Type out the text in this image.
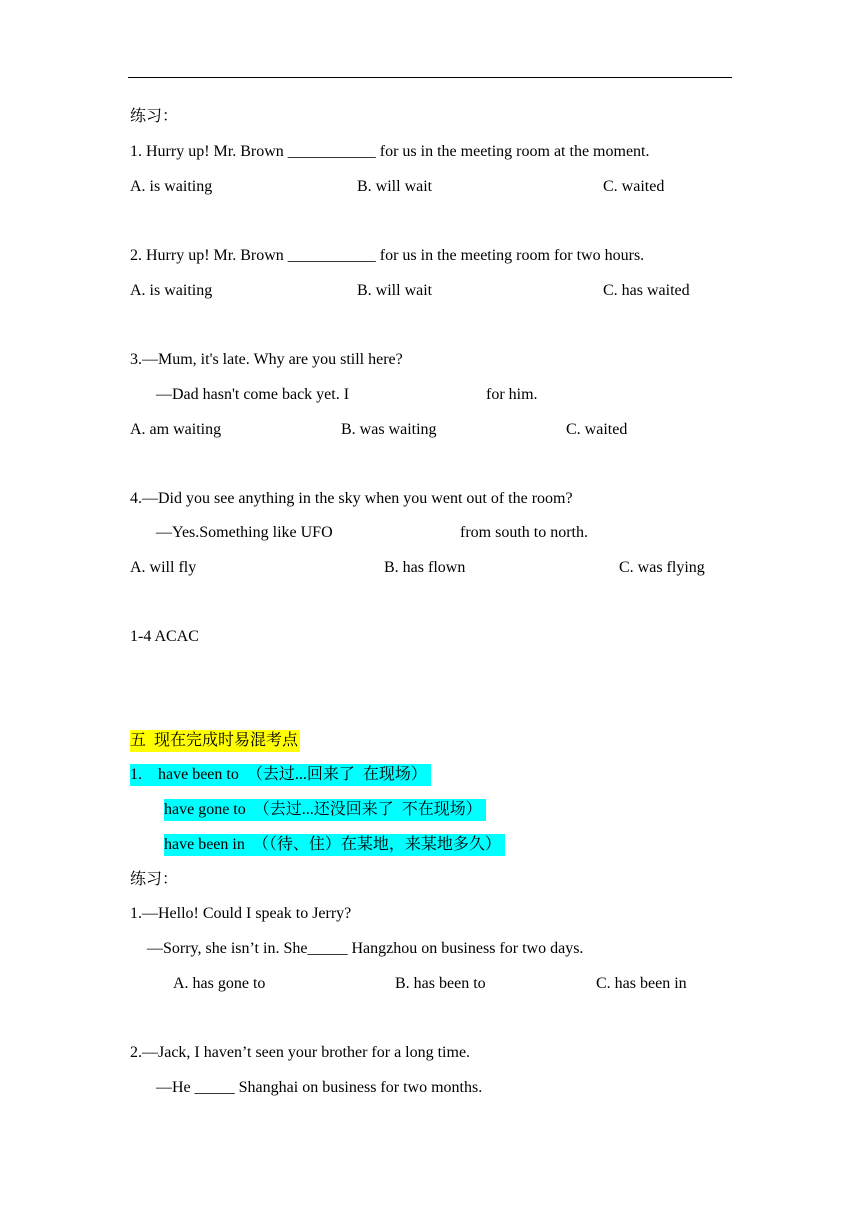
练习：
1. Hurry up! Mr. Brown ___________ for us in the meeting room at the moment.
A. is waiting	B. will wait	C. waited
2. Hurry up! Mr. Brown ___________ for us in the meeting room for two hours.
A. is waiting	B. will wait	C. has waited
3.—Mum, it's late. Why are you still here?
—Dad hasn't come back yet. I	for him.
A. am waiting	B. was waiting	C. waited
4.—Did you see anything in the sky when you went out of the room?
—Yes.Something like UFO	from south to north.
A. will fly	B. has flown	C. was flying
1-4 ACAC
五  现在完成时易混考点
1.    have been to  （去过...回来了  在现场）
have gone to  （去过...还没回来了  不在现场）
have been in  （（待、住）在某地，来某地多久）
练习：
1.—Hello! Could I speak to Jerry?
—Sorry, she isn’t in. She_____ Hangzhou on business for two days.
A. has gone to	B. has been to	C. has been in
2.—Jack, I haven’t seen your brother for a long time.
—He _____ Shanghai on business for two months.
